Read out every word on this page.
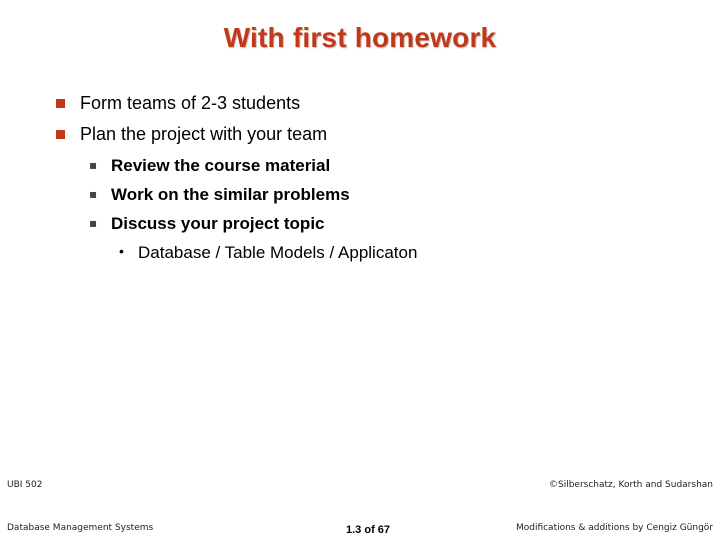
With first homework
Form teams of 2-3 students
Plan the project with your team
▪ Review the course material
▪ Work on the similar problems
▪ Discuss your project topic
• Database / Table Models / Applicaton
UBI 502
Database Management Systems	1.3 of 67
©Silberschatz, Korth and Sudarshan
Modifications & additions by Cengiz Güngör
